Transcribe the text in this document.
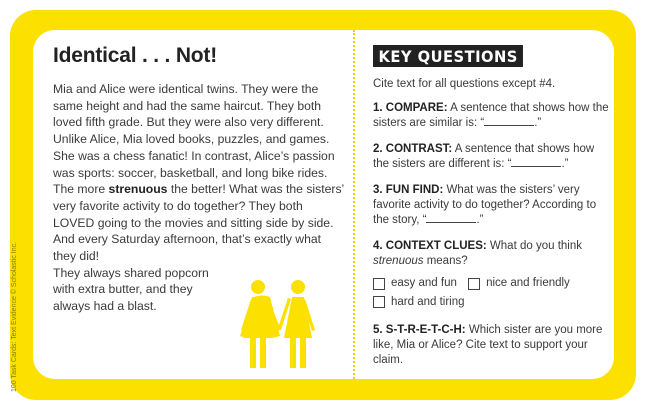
100 Task Cards: Text Evidence © Scholastic Inc.
Identical . . . Not!
Mia and Alice were identical twins. They were the same height and had the same haircut. They both loved fifth grade. But they were also very different. Unlike Alice, Mia loved books, puzzles, and games. She was a chess fanatic! In contrast, Alice’s passion was sports: soccer, basketball, and long bike rides. The more strenuous the better! What was the sisters’ very favorite activity to do together? They both LOVED going to the movies and sitting side by side. And every Saturday afternoon, that’s exactly what they did!
They always shared popcorn with extra butter, and they always had a blast.
KEY QUESTIONS
Cite text for all questions except #4.
1. COMPARE: A sentence that shows how the sisters are similar is: “	.”
2. CONTRAST: A sentence that shows how the sisters are different is: “	.”
3. FUN FIND: What was the sisters’ very favorite activity to do together? According to the story, “	.”
4. CONTEXT CLUES: What do you think strenuous means?
easy and fun
	nice and friendly

hard and tiring
5. S-T-R-E-T-C-H: Which sister are you more like, Mia or Alice? Cite text to support your claim.
